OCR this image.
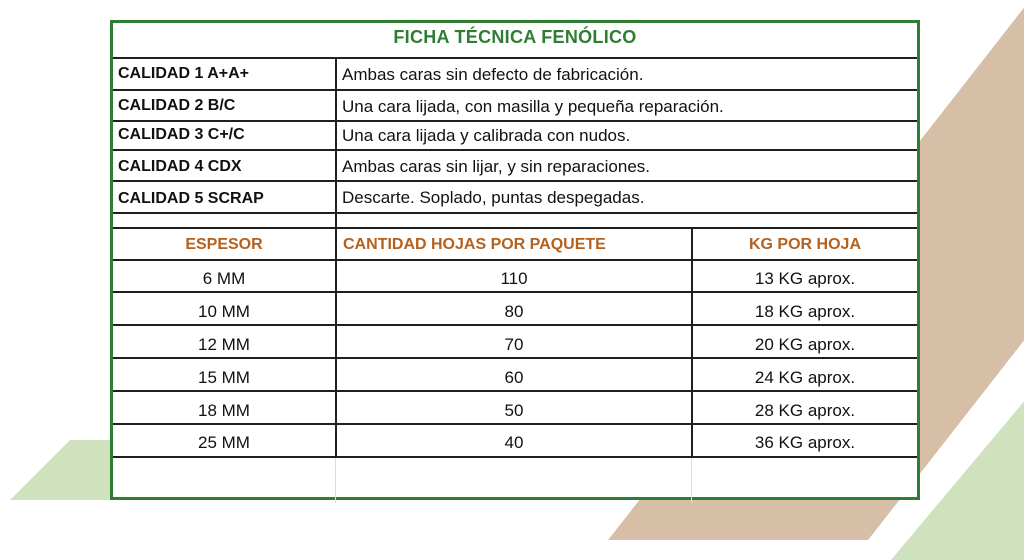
FICHA TÉCNICA FENÓLICO
CALIDAD 1 A+A+	Ambas caras sin defecto de fabricación.
CALIDAD 2 B/C	Una cara lijada, con masilla y pequeña reparación.
CALIDAD 3 C+/C	Una cara lijada y calibrada con nudos.
CALIDAD 4 CDX	Ambas caras sin lijar, y sin reparaciones.
CALIDAD 5 SCRAP	Descarte. Soplado, puntas despegadas.
ESPESOR	CANTIDAD HOJAS POR PAQUETE	KG POR HOJA
6 MM	110	13 KG aprox.
10 MM	80	18 KG aprox.
12 MM	70	20 KG aprox.
15 MM	60	24 KG aprox.
18 MM	50	28 KG aprox.
25 MM	40	36 KG aprox.
